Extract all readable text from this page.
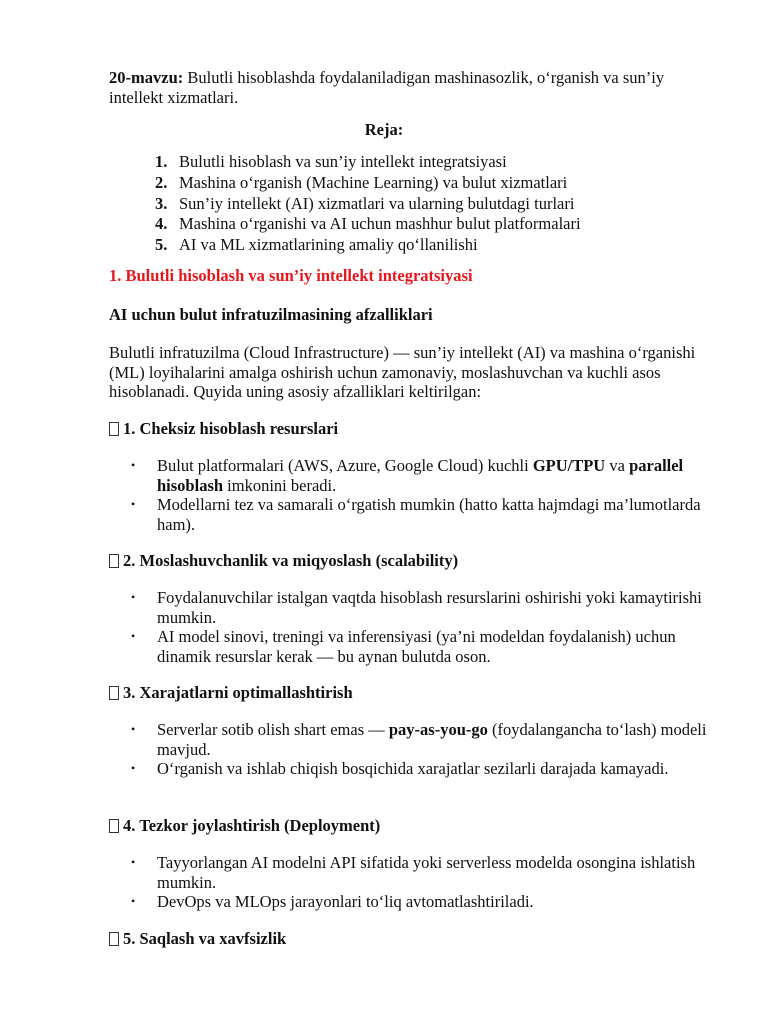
20-mavzu: Bulutli hisoblashda foydalaniladigan mashinasozlik, o‘rganish va sun’iy intellekt xizmatlari.
Reja:
1. Bulutli hisoblash va sun’iy intellekt integratsiyasi
2. Mashina o‘rganish (Machine Learning) va bulut xizmatlari
3. Sun’iy intellekt (AI) xizmatlari va ularning bulutdagi turlari
4. Mashina o‘rganishi va AI uchun mashhur bulut platformalari
5. AI va ML xizmatlarining amaliy qo‘llanilishi
1. Bulutli hisoblash va sun’iy intellekt integratsiyasi
AI uchun bulut infratuzilmasining afzalliklari
Bulutli infratuzilma (Cloud Infrastructure) — sun’iy intellekt (AI) va mashina o‘rganishi (ML) loyihalarini amalga oshirish uchun zamonaviy, moslashuvchan va kuchli asos hisoblanadi. Quyida uning asosiy afzalliklari keltirilgan:
1. Cheksiz hisoblash resurslari
•	Bulut platformalari (AWS, Azure, Google Cloud) kuchli GPU/TPU va parallel hisoblash imkonini beradi.
•	Modellarni tez va samarali o‘rgatish mumkin (hatto katta hajmdagi ma’lumotlarda ham).
2. Moslashuvchanlik va miqyoslash (scalability)
•	Foydalanuvchilar istalgan vaqtda hisoblash resurslarini oshirishi yoki kamaytirishi mumkin.
•	AI model sinovi, treningi va inferensiyasi (ya’ni modeldan foydalanish) uchun dinamik resurslar kerak — bu aynan bulutda oson.
3. Xarajatlarni optimallashtirish
•	Serverlar sotib olish shart emas — pay-as-you-go (foydalanganchа to‘lash) modeli mavjud.
•	O‘rganish va ishlab chiqish bosqichida xarajatlar sezilarli darajada kamayadi.
4. Tezkor joylashtirish (Deployment)
•	Tayyorlangan AI modelni API sifatida yoki serverless modelda osongina ishlatish mumkin.
•	DevOps va MLOps jarayonlari to‘liq avtomatlashtiriladi.
5. Saqlash va xavfsizlik
